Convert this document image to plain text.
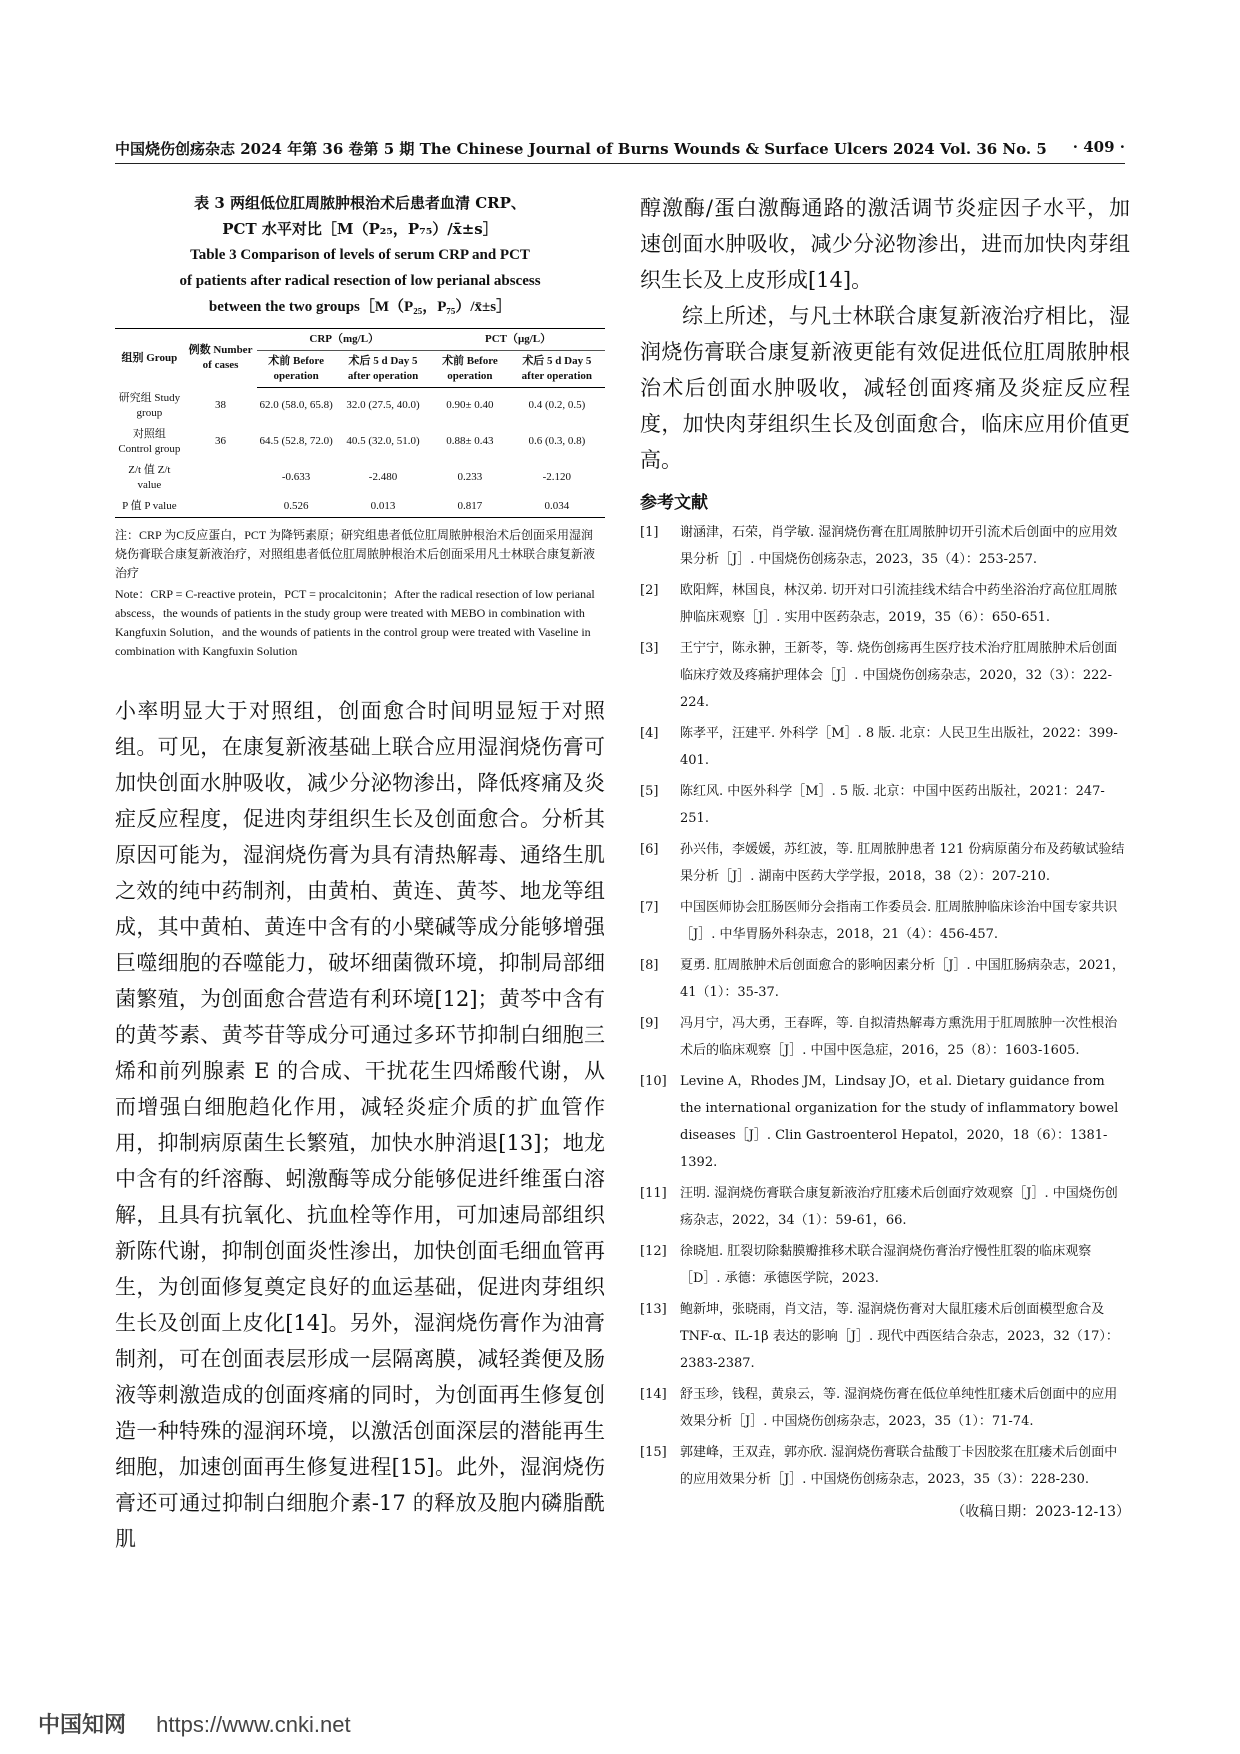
中国烧伤创疡杂志 2024 年第 36 卷第 5 期 The Chinese Journal of Burns Wounds & Surface Ulcers 2024 Vol. 36 No. 5 · 409 ·
表 3 两组低位肛周脓肿根治术后患者血清 CRP、
PCT 水平对比［M（P₂₅，P₇₅）/x̄±s］
Table 3 Comparison of levels of serum CRP and PCT
of patients after radical resection of low perianal abscess
between the two groups［M（P₂₅，P₇₅）/x̄±s］
组别 Group	例数 Number of cases	CRP（mg/L）		PCT（μg/L）	
		术前 Before operation	术后 5 d Day 5 after operation	术前 Before operation	术后 5 d Day 5 after operation
研究组 Study group	38	62.0 (58.0, 65.8)	32.0 (27.5, 40.0)	0.90± 0.40	0.4 (0.2, 0.5)
对照组 Control group	36	64.5 (52.8, 72.0)	40.5 (32.0, 51.0)	0.88± 0.43	0.6 (0.3, 0.8)
Z/t 值 Z/t value		-0.633	-2.480	0.233	-2.120
P 值 P value		0.526	0.013	0.817	0.034

注：CRP 为C反应蛋白，PCT 为降钙素原；研究组患者低位肛周脓肿根治术后创面采用湿润烧伤膏联合康复新液治疗，对照组患者低位肛周脓肿根治术后创面采用凡士林联合康复新液治疗

Note：CRP = C-reactive protein，PCT = procalcitonin；After the radical resection of low perianal abscess，the wounds of patients in the study group were treated with MEBO in combination with Kangfuxin Solution，and the wounds of patients in the control group were treated with Vaseline in combination with Kangfuxin Solution

小率明显大于对照组，创面愈合时间明显短于对照组。可见，在康复新液基础上联合应用湿润烧伤膏可加快创面水肿吸收，减少分泌物渗出，降低疼痛及炎症反应程度，促进肉芽组织生长及创面愈合。分析其原因可能为，湿润烧伤膏为具有清热解毒、通络生肌之效的纯中药制剂，由黄柏、黄连、黄芩、地龙等组成，其中黄柏、黄连中含有的小檗碱等成分能够增强巨噬细胞的吞噬能力，破坏细菌微环境，抑制局部细菌繁殖，为创面愈合营造有利环境[12]；黄芩中含有的黄芩素、黄芩苷等成分可通过多环节抑制白细胞三烯和前列腺素 E 的合成、干扰花生四烯酸代谢，从而增强白细胞趋化作用，减轻炎症介质的扩血管作用，抑制病原菌生长繁殖，加快水肿消退[13]；地龙中含有的纤溶酶、蚓激酶等成分能够促进纤维蛋白溶解，且具有抗氧化、抗血栓等作用，可加速局部组织新陈代谢，抑制创面炎性渗出，加快创面毛细血管再生，为创面修复奠定良好的血运基础，促进肉芽组织生长及创面上皮化[14]。另外，湿润烧伤膏作为油膏制剂，可在创面表层形成一层隔离膜，减轻粪便及肠液等刺激造成的创面疼痛的同时，为创面再生修复创造一种特殊的湿润环境，以激活创面深层的潜能再生细胞，加速创面再生修复进程[15]。此外，湿润烧伤膏还可通过抑制白细胞介素-17 的释放及胞内磷脂酰肌

醇激酶/蛋白激酶通路的激活调节炎症因子水平，加速创面水肿吸收，减少分泌物渗出，进而加快肉芽组织生长及上皮形成[14]。

综上所述，与凡士林联合康复新液治疗相比，湿润烧伤膏联合康复新液更能有效促进低位肛周脓肿根治术后创面水肿吸收，减轻创面疼痛及炎症反应程度，加快肉芽组织生长及创面愈合，临床应用价值更高。

参考文献
[1]	谢涵津，石荣，肖学敏. 湿润烧伤膏在肛周脓肿切开引流术后创面中的应用效果分析［J］. 中国烧伤创疡杂志，2023，35（4）：253-257.
[2]	欧阳辉，林国良，林汉弟. 切开对口引流挂线术结合中药坐浴治疗高位肛周脓肿临床观察［J］. 实用中医药杂志，2019，35（6）：650-651.
[3]	王宁宁，陈永翀，王新苓，等. 烧伤创疡再生医疗技术治疗肛周脓肿术后创面临床疗效及疼痛护理体会［J］. 中国烧伤创疡杂志，2020，32（3）：222-224.
[4]	陈孝平，汪建平. 外科学［M］. 8 版. 北京：人民卫生出版社，2022：399-401.
[5]	陈红风. 中医外科学［M］. 5 版. 北京：中国中医药出版社，2021：247-251.
[6]	孙兴伟，李媛媛，苏红波，等. 肛周脓肿患者 121 份病原菌分布及药敏试验结果分析［J］. 湖南中医药大学学报，2018，38（2）：207-210.
[7]	中国医师协会肛肠医师分会指南工作委员会. 肛周脓肿临床诊治中国专家共识［J］. 中华胃肠外科杂志，2018，21（4）：456-457.
[8]	夏勇. 肛周脓肿术后创面愈合的影响因素分析［J］. 中国肛肠病杂志，2021，41（1）：35-37.
[9]	冯月宁，冯大勇，王春晖，等. 自拟清热解毒方熏洗用于肛周脓肿一次性根治术后的临床观察［J］. 中国中医急症，2016，25（8）：1603-1605.
[10]	Levine A，Rhodes JM，Lindsay JO，et al. Dietary guidance from the international organization for the study of inflammatory bowel diseases［J］. Clin Gastroenterol Hepatol，2020，18（6）：1381-1392.
[11]	汪明. 湿润烧伤膏联合康复新液治疗肛瘘术后创面疗效观察［J］. 中国烧伤创疡杂志，2022，34（1）：59-61，66.
[12]	徐晓旭. 肛裂切除黏膜瓣推移术联合湿润烧伤膏治疗慢性肛裂的临床观察［D］. 承德：承德医学院，2023.
[13]	鲍新坤，张晓雨，肖文洁，等. 湿润烧伤膏对大鼠肛瘘术后创面模型愈合及 TNF-α、IL-1β 表达的影响［J］. 现代中西医结合杂志，2023，32（17）：2383-2387.
[14]	舒玉珍，钱程，黄泉云，等. 湿润烧伤膏在低位单纯性肛瘘术后创面中的应用效果分析［J］. 中国烧伤创疡杂志，2023，35（1）：71-74.
[15]	郭建峰，王双垚，郭亦欣. 湿润烧伤膏联合盐酸丁卡因胶浆在肛瘘术后创面中的应用效果分析［J］. 中国烧伤创疡杂志，2023，35（3）：228-230.
（收稿日期：2023-12-13）
中国知网 https://www.cnki.net
